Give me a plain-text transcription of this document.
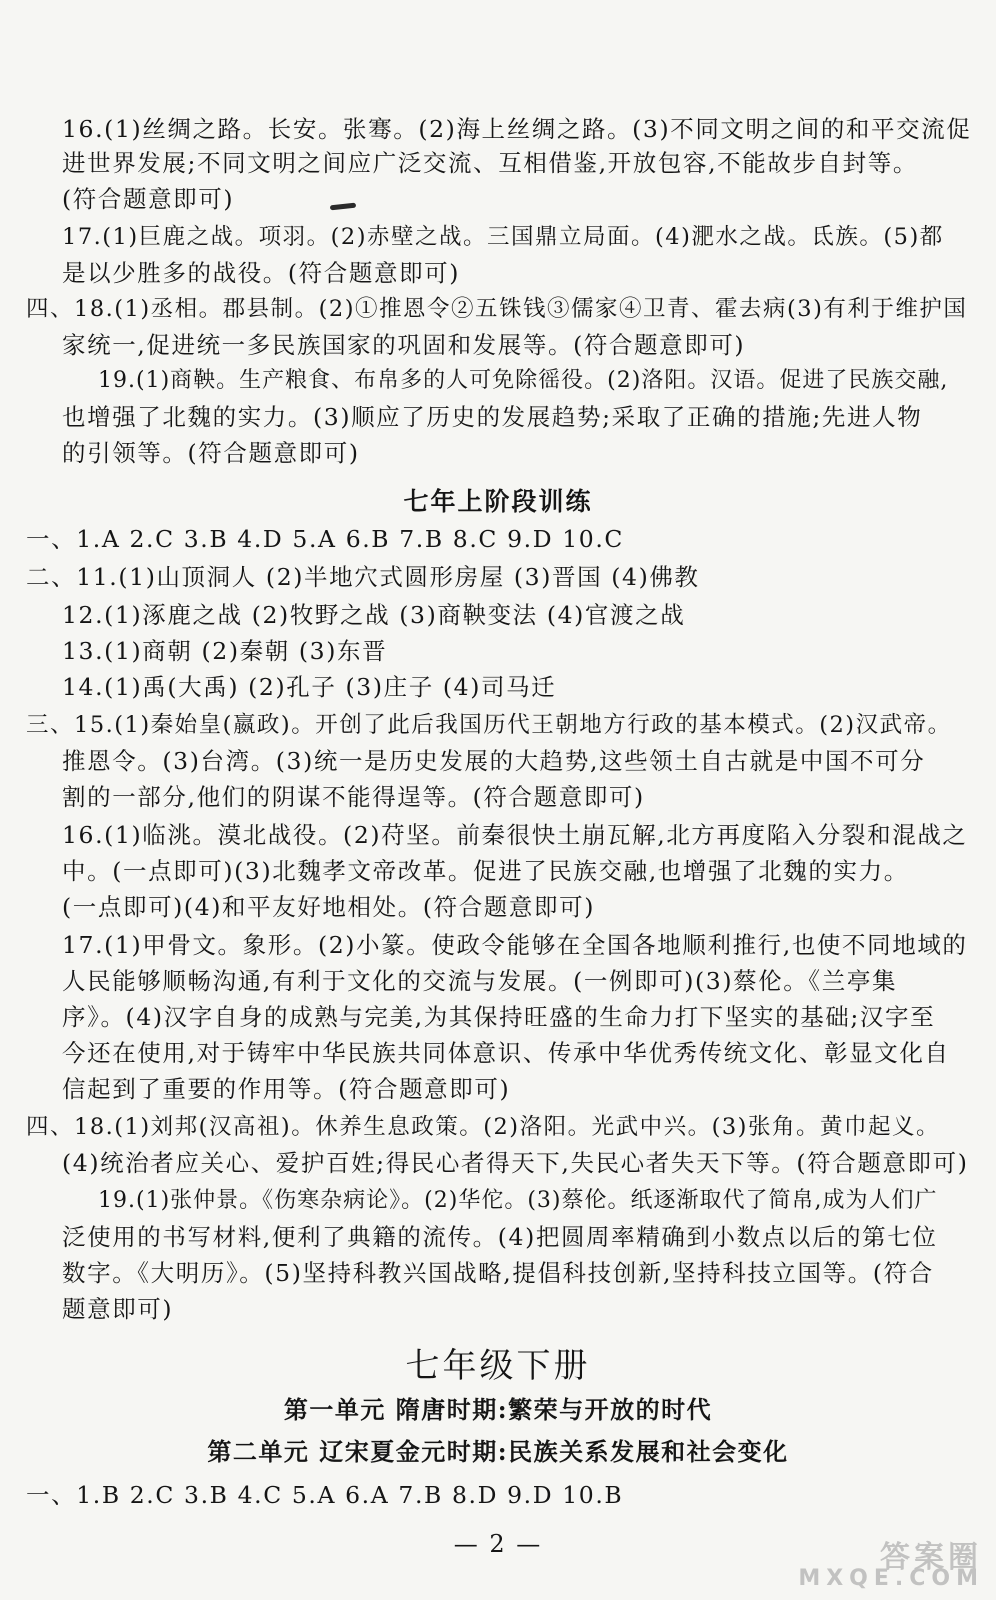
16.(1)丝绸之路。长安。张骞。(2)海上丝绸之路。(3)不同文明之间的和平交流促
进世界发展;不同文明之间应广泛交流、互相借鉴,开放包容,不能故步自封等。
(符合题意即可)
17.(1)巨鹿之战。项羽。(2)赤壁之战。三国鼎立局面。(4)淝水之战。氐族。(5)都
是以少胜多的战役。(符合题意即可)
四、18.(1)丞相。郡县制。(2)①推恩令②五铢钱③儒家④卫青、霍去病(3)有利于维护国
家统一,促进统一多民族国家的巩固和发展等。(符合题意即可)
19.(1)商鞅。生产粮食、布帛多的人可免除徭役。(2)洛阳。汉语。促进了民族交融,
也增强了北魏的实力。(3)顺应了历史的发展趋势;采取了正确的措施;先进人物
的引领等。(符合题意即可)
七年上阶段训练
一、1.A 2.C 3.B 4.D 5.A 6.B 7.B 8.C 9.D 10.C
二、11.(1)山顶洞人 (2)半地穴式圆形房屋 (3)晋国 (4)佛教
12.(1)涿鹿之战 (2)牧野之战 (3)商鞅变法 (4)官渡之战
13.(1)商朝 (2)秦朝 (3)东晋
14.(1)禹(大禹) (2)孔子 (3)庄子 (4)司马迁
三、15.(1)秦始皇(嬴政)。开创了此后我国历代王朝地方行政的基本模式。(2)汉武帝。
推恩令。(3)台湾。(3)统一是历史发展的大趋势,这些领土自古就是中国不可分
割的一部分,他们的阴谋不能得逞等。(符合题意即可)
16.(1)临洮。漠北战役。(2)苻坚。前秦很快土崩瓦解,北方再度陷入分裂和混战之
中。(一点即可)(3)北魏孝文帝改革。促进了民族交融,也增强了北魏的实力。
(一点即可)(4)和平友好地相处。(符合题意即可)
17.(1)甲骨文。象形。(2)小篆。使政令能够在全国各地顺利推行,也使不同地域的
人民能够顺畅沟通,有利于文化的交流与发展。(一例即可)(3)蔡伦。《兰亭集
序》。(4)汉字自身的成熟与完美,为其保持旺盛的生命力打下坚实的基础;汉字至
今还在使用,对于铸牢中华民族共同体意识、传承中华优秀传统文化、彰显文化自
信起到了重要的作用等。(符合题意即可)
四、18.(1)刘邦(汉高祖)。休养生息政策。(2)洛阳。光武中兴。(3)张角。黄巾起义。
(4)统治者应关心、爱护百姓;得民心者得天下,失民心者失天下等。(符合题意即可)
19.(1)张仲景。《伤寒杂病论》。(2)华佗。(3)蔡伦。纸逐渐取代了简帛,成为人们广
泛使用的书写材料,便利了典籍的流传。(4)把圆周率精确到小数点以后的第七位
数字。《大明历》。(5)坚持科教兴国战略,提倡科技创新,坚持科技立国等。(符合
题意即可)
七年级下册
第一单元 隋唐时期:繁荣与开放的时代
第二单元 辽宋夏金元时期:民族关系发展和社会变化
一、1.B 2.C 3.B 4.C 5.A 6.A 7.B 8.D 9.D 10.B
— 2 —	答案圈
MXQE.COM
